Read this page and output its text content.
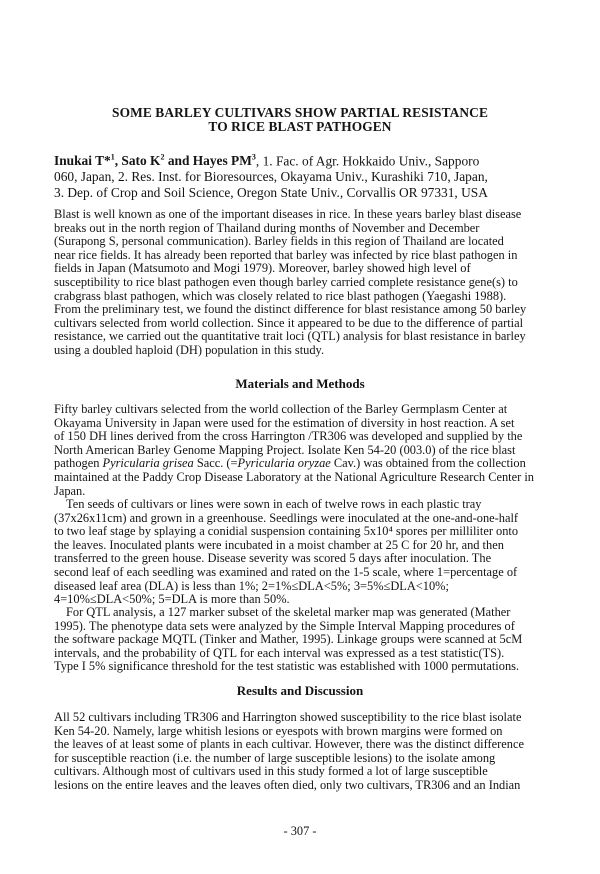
SOME BARLEY CULTIVARS SHOW PARTIAL RESISTANCE
TO RICE BLAST PATHOGEN
Inukai T*$^1$, Sato $K^2$ and Hayes $PM^3$, 1. Fac. of Agr. Hokkaido Univ., Sapporo
060, Japan, 2. Res. Inst. for Bioresources, Okayama Univ., Kurashiki 710, Japan,
3. Dep. of Crop and Soil Science, Oregon State Univ., Corvallis OR 97331, USA
Blast is well known as one of the important diseases in rice. In these years barley blast disease
breaks out in the north region of Thailand during months of November and December
(Surapong S, personal communication). Barley fields in this region of Thailand are located
near rice fields. It has already been reported that barley was infected by rice blast pathogen in
fields in Japan (Matsumoto and Mogi 1979). Moreover, barley showed high level of
susceptibility to rice blast pathogen even though barley carried complete resistance gene(s) to
crabgrass blast pathogen, which was closely related to rice blast pathogen (Yaegashi 1988).
From the preliminary test, we found the distinct difference for blast resistance among 50 barley
cultivars selected from world collection. Since it appeared to be due to the difference of partial
resistance, we carried out the quantitative trait loci (QTL) analysis for blast resistance in barley
using a doubled haploid (DH) population in this study.
Materials and Methods
Fifty barley cultivars selected from the world collection of the Barley Germplasm Center at
Okayama University in Japan were used for the estimation of diversity in host reaction. A set
of 150 DH lines derived from the cross Harrington /TR306 was developed and supplied by the
North American Barley Genome Mapping Project. Isolate Ken 54-20 (003.0) of the rice blast
pathogen Pyricularia grisea Sacc. (=Pyricularia oryzae Cav.) was obtained from the collection
maintained at the Paddy Crop Disease Laboratory at the National Agriculture Research Center in
Japan.
Ten seeds of cultivars or lines were sown in each of twelve rows in each plastic tray
(37x26x11cm) and grown in a greenhouse. Seedlings were inoculated at the one-and-one-half
to two leaf stage by splaying a conidial suspension containing 5x10⁴ spores per milliliter onto
the leaves. Inoculated plants were incubated in a moist chamber at 25 C for 20 hr, and then
transferred to the green house. Disease severity was scored 5 days after inoculation. The
second leaf of each seedling was examined and rated on the 1-5 scale, where 1=percentage of
diseased leaf area (DLA) is less than 1%; 2=1%≤DLA<5%; 3=5%≤DLA<10%;
4=10%≤DLA<50%; 5=DLA is more than 50%.
For QTL analysis, a 127 marker subset of the skeletal marker map was generated (Mather
1995). The phenotype data sets were analyzed by the Simple Interval Mapping procedures of
the software package MQTL (Tinker and Mather, 1995). Linkage groups were scanned at 5cM
intervals, and the probability of QTL for each interval was expressed as a test statistic(TS).
Type I 5% significance threshold for the test statistic was established with 1000 permutations.
Results and Discussion
All 52 cultivars including TR306 and Harrington showed susceptibility to the rice blast isolate
Ken 54-20. Namely, large whitish lesions or eyespots with brown margins were formed on
the leaves of at least some of plants in each cultivar. However, there was the distinct difference
for susceptible reaction (i.e. the number of large susceptible lesions) to the isolate among
cultivars. Although most of cultivars used in this study formed a lot of large susceptible
lesions on the entire leaves and the leaves often died, only two cultivars, TR306 and an Indian
- 307 -
